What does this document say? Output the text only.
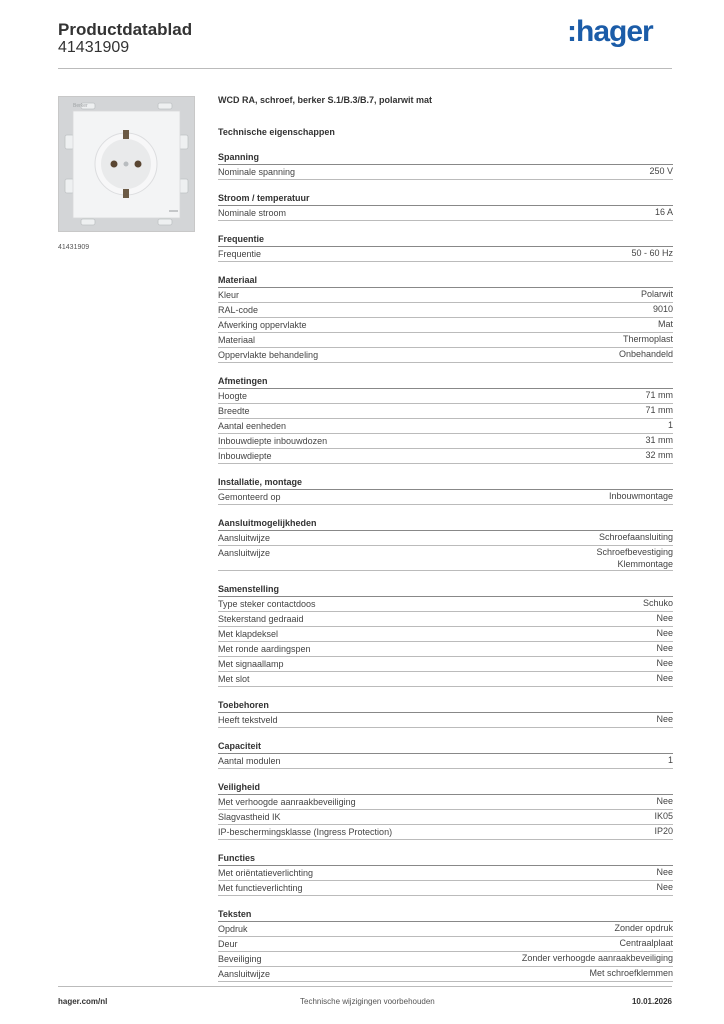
Productdatablad
41431909	:hager
Berker
41431909
WCD RA, schroef, berker S.1/B.3/B.7, polarwit mat
Technische eigenschappen
Spanning
Nominale spanning	250 V
Stroom / temperatuur
Nominale stroom	16 A
Frequentie
Frequentie	50 - 60 Hz
Materiaal
Kleur	Polarwit
RAL-code	9010
Afwerking oppervlakte	Mat
Materiaal	Thermoplast
Oppervlakte behandeling	Onbehandeld
Afmetingen
Hoogte	71 mm
Breedte	71 mm
Aantal eenheden	1
Inbouwdiepte inbouwdozen	31 mm
Inbouwdiepte	32 mm
Installatie, montage
Gemonteerd op	Inbouwmontage
Aansluitmogelijkheden
Aansluitwijze	Schroefaansluiting
Aansluitwijze	Schroefbevestiging
Klemmontage
Samenstelling
Type steker contactdoos	Schuko
Stekerstand gedraaid	Nee
Met klapdeksel	Nee
Met ronde aardingspen	Nee
Met signaallamp	Nee
Met slot	Nee
Toebehoren
Heeft tekstveld	Nee
Capaciteit
Aantal modulen	1
Veiligheid
Met verhoogde aanraakbeveiliging	Nee
Slagvastheid IK	IK05
IP-beschermingsklasse (Ingress Protection)	IP20
Functies
Met oriëntatieverlichting	Nee
Met functieverlichting	Nee
Teksten
Opdruk	Zonder opdruk
Deur	Centraalplaat
Beveiliging	Zonder verhoogde aanraakbeveiliging
Aansluitwijze	Met schroefklemmen
hager.com/nl	Technische wijzigingen voorbehouden	10.01.2026
